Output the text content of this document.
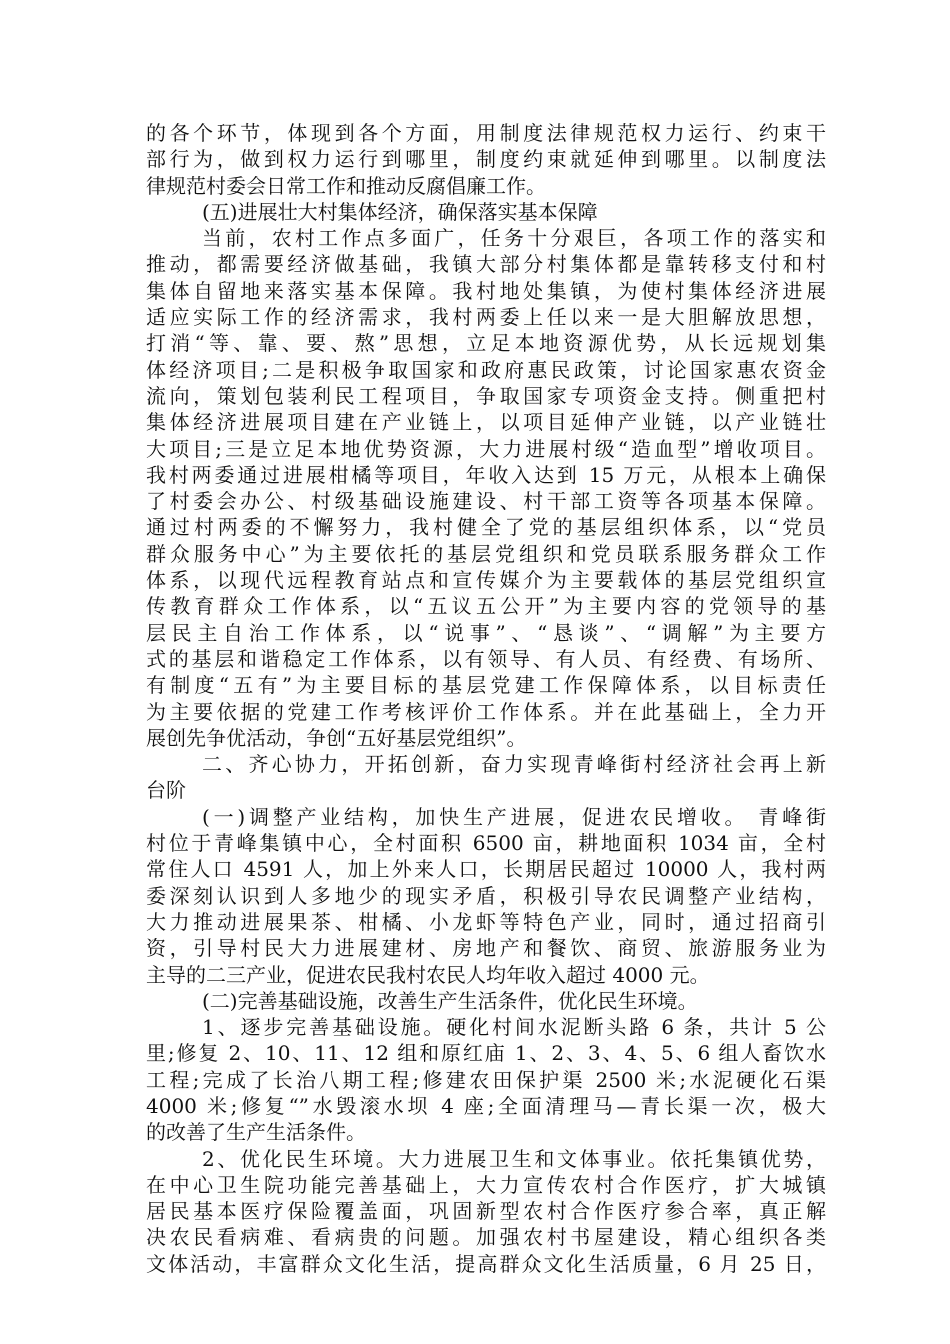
的各个环节，体现到各个方面，用制度法律规范权力运行、约束干
部行为，做到权力运行到哪里，制度约束就延伸到哪里。以制度法
律规范村委会日常工作和推动反腐倡廉工作。
(五)进展壮大村集体经济，确保落实基本保障
当前，农村工作点多面广，任务十分艰巨，各项工作的落实和
推动，都需要经济做基础，我镇大部分村集体都是靠转移支付和村
集体自留地来落实基本保障。我村地处集镇，为使村集体经济进展
适应实际工作的经济需求，我村两委上任以来一是大胆解放思想，
打消“等、靠、要、熬”思想，立足本地资源优势，从长远规划集
体经济项目;二是积极争取国家和政府惠民政策，讨论国家惠农资金
流向，策划包装利民工程项目，争取国家专项资金支持。侧重把村
集体经济进展项目建在产业链上，以项目延伸产业链，以产业链壮
大项目;三是立足本地优势资源，大力进展村级“造血型”增收项目。
我村两委通过进展柑橘等项目，年收入达到 15 万元，从根本上确保
了村委会办公、村级基础设施建设、村干部工资等各项基本保障。
通过村两委的不懈努力，我村健全了党的基层组织体系，以“党员
群众服务中心”为主要依托的基层党组织和党员联系服务群众工作
体系，以现代远程教育站点和宣传媒介为主要载体的基层党组织宣
传教育群众工作体系，以“五议五公开”为主要内容的党领导的基
层民主自治工作体系，以“说事”、“恳谈”、“调解”为主要方
式的基层和谐稳定工作体系，以有领导、有人员、有经费、有场所、
有制度“五有”为主要目标的基层党建工作保障体系，以目标责任
为主要依据的党建工作考核评价工作体系。并在此基础上，全力开
展创先争优活动，争创“五好基层党组织”。
二、齐心协力，开拓创新，奋力实现青峰街村经济社会再上新
台阶
(一)调整产业结构，加快生产进展，促进农民增收。 青峰街
村位于青峰集镇中心，全村面积 6500 亩，耕地面积 1034 亩，全村
常住人口 4591 人，加上外来人口，长期居民超过 10000 人，我村两
委深刻认识到人多地少的现实矛盾，积极引导农民调整产业结构，
大力推动进展果茶、柑橘、小龙虾等特色产业，同时，通过招商引
资，引导村民大力进展建材、房地产和餐饮、商贸、旅游服务业为
主导的二三产业，促进农民我村农民人均年收入超过 4000 元。
(二)完善基础设施，改善生产生活条件，优化民生环境。
1、逐步完善基础设施。硬化村间水泥断头路 6 条，共计 5 公
里;修复 2、10、11、12 组和原红庙 1、2、3、4、5、6 组人畜饮水
工程;完成了长治八期工程;修建农田保护渠 2500 米;水泥硬化石渠
4000 米;修复“”水毁滚水坝 4 座;全面清理马—青长渠一次，极大
的改善了生产生活条件。
2、优化民生环境。大力进展卫生和文体事业。依托集镇优势，
在中心卫生院功能完善基础上，大力宣传农村合作医疗，扩大城镇
居民基本医疗保险覆盖面，巩固新型农村合作医疗参合率，真正解
决农民看病难、看病贵的问题。加强农村书屋建设，精心组织各类
文体活动，丰富群众文化生活，提高群众文化生活质量，6 月 25 日，
